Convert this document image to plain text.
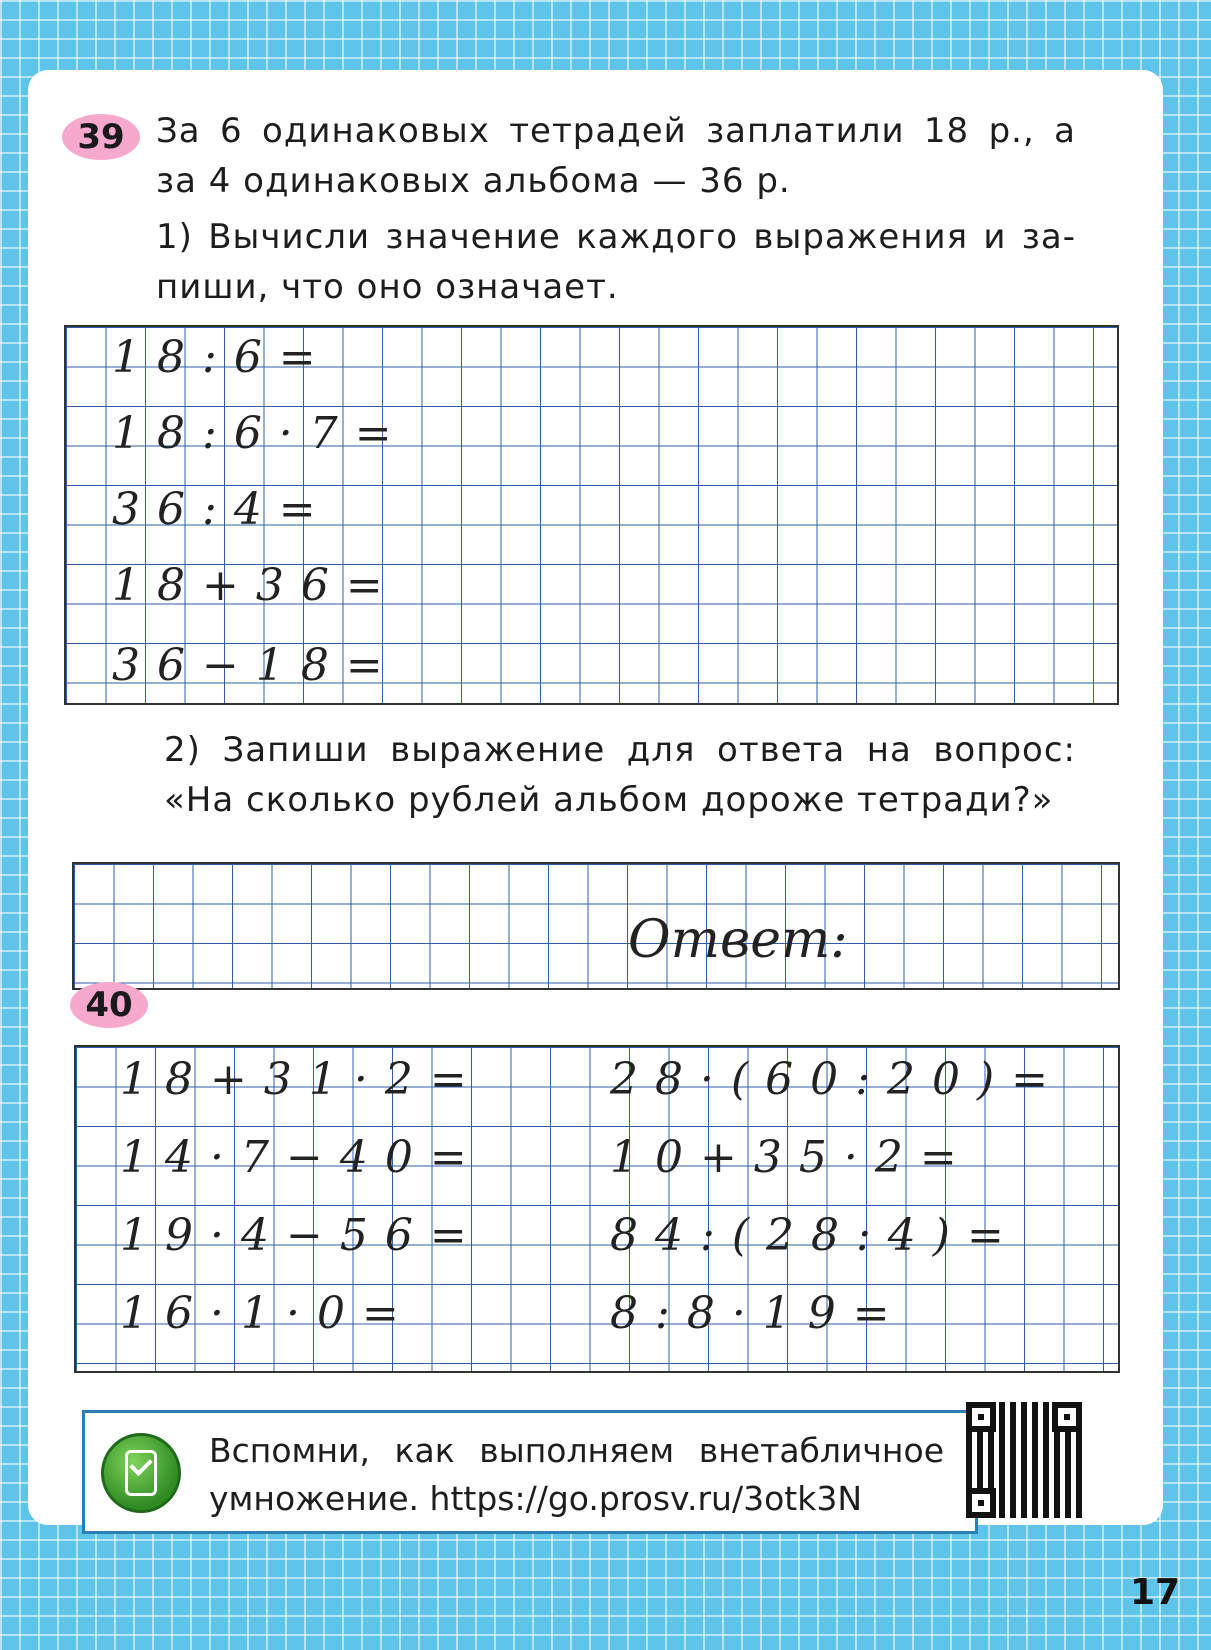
39 За 6 одинаковых тетрадей заплатили 18 р., а
за 4 одинаковых альбома — 36 р.
1) Вычисли значение каждого выражения и за-
пиши, что оно означает.
18:6=
18:6·7=
36:4=
18+36=
36−18=
2) Запиши выражение для ответа на вопрос:
«На сколько рублей альбом дороже тетради?»
Ответ:
40
18+31·2=
14·7−40=
19·4−56=
16·1·0=
28·(60:20)=
10+35·2=
84:(28:4)=
8:8·19=
Вспомни, как выполняем внетабличное
умножение. https://go.prosv.ru/3otk3N
17
